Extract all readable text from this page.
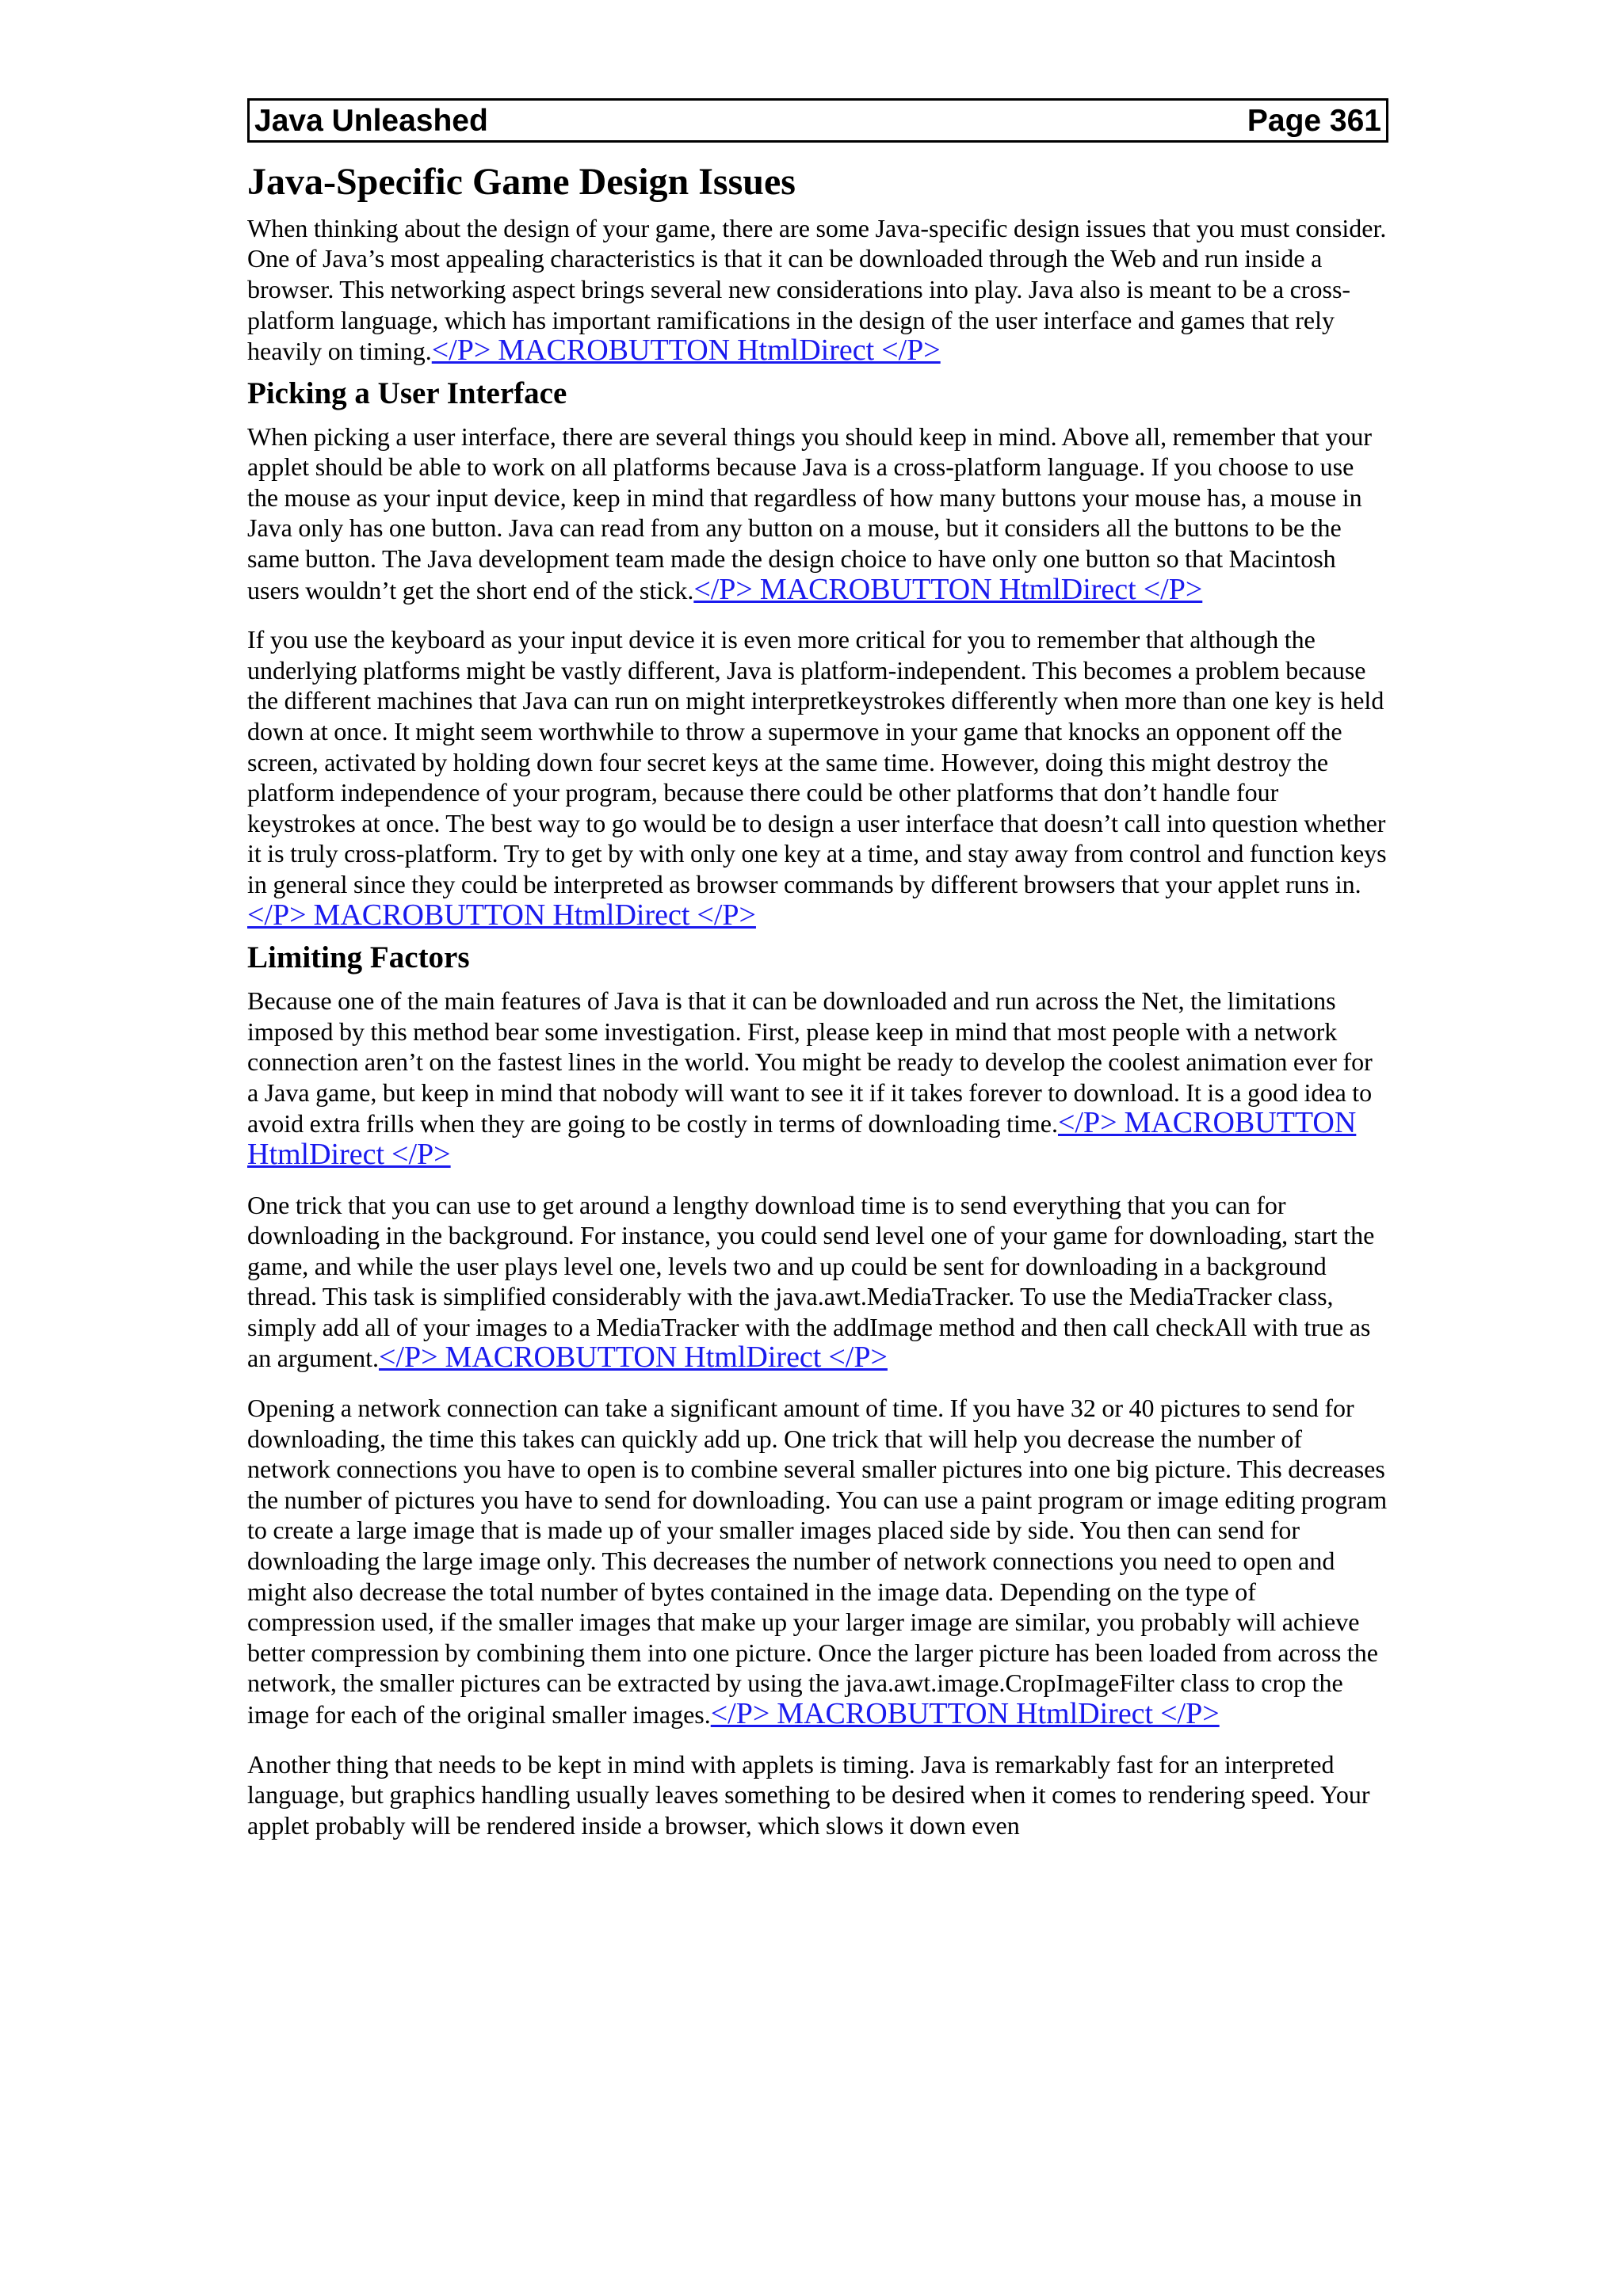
Java Unleashed	Page 361
Java-Specific Game Design Issues

When thinking about the design of your game, there are some Java-specific design issues that you must consider. One of Java’s most appealing characteristics is that it can be downloaded through the Web and run inside a browser. This networking aspect brings several new considerations into play. Java also is meant to be a cross-platform language, which has important ramifications in the design of the user interface and games that rely heavily on timing.</P> MACROBUTTON HtmlDirect </P>

Picking a User Interface

When picking a user interface, there are several things you should keep in mind. Above all, remember that your applet should be able to work on all platforms because Java is a cross-platform language. If you choose to use the mouse as your input device, keep in mind that regardless of how many buttons your mouse has, a mouse in Java only has one button. Java can read from any button on a mouse, but it considers all the buttons to be the same button. The Java development team made the design choice to have only one button so that Macintosh users wouldn’t get the short end of the stick.</P> MACROBUTTON HtmlDirect </P>

If you use the keyboard as your input device it is even more critical for you to remember that although the underlying platforms might be vastly different, Java is platform-independent. This becomes a problem because the different machines that Java can run on might interpretkeystrokes differently when more than one key is held down at once. It might seem worthwhile to throw a supermove in your game that knocks an opponent off the screen, activated by holding down four secret keys at the same time. However, doing this might destroy the platform independence of your program, because there could be other platforms that don’t handle four keystrokes at once. The best way to go would be to design a user interface that doesn’t call into question whether it is truly cross-platform. Try to get by with only one key at a time, and stay away from control and function keys in general since they could be interpreted as browser commands by different browsers that your applet runs in.</P> MACROBUTTON HtmlDirect </P>

Limiting Factors

Because one of the main features of Java is that it can be downloaded and run across the Net, the limitations imposed by this method bear some investigation. First, please keep in mind that most people with a network connection aren’t on the fastest lines in the world. You might be ready to develop the coolest animation ever for a Java game, but keep in mind that nobody will want to see it if it takes forever to download. It is a good idea to avoid extra frills when they are going to be costly in terms of downloading time.</P> MACROBUTTON HtmlDirect </P>

One trick that you can use to get around a lengthy download time is to send everything that you can for downloading in the background. For instance, you could send level one of your game for downloading, start the game, and while the user plays level one, levels two and up could be sent for downloading in a background thread. This task is simplified considerably with the java.awt.MediaTracker. To use the MediaTracker class, simply add all of your images to a MediaTracker with the addImage method and then call checkAll with true as an argument.</P> MACROBUTTON HtmlDirect </P>

Opening a network connection can take a significant amount of time. If you have 32 or 40 pictures to send for downloading, the time this takes can quickly add up. One trick that will help you decrease the number of network connections you have to open is to combine several smaller pictures into one big picture. This decreases the number of pictures you have to send for downloading. You can use a paint program or image editing program to create a large image that is made up of your smaller images placed side by side. You then can send for downloading the large image only. This decreases the number of network connections you need to open and might also decrease the total number of bytes contained in the image data. Depending on the type of compression used, if the smaller images that make up your larger image are similar, you probably will achieve better compression by combining them into one picture. Once the larger picture has been loaded from across the network, the smaller pictures can be extracted by using the java.awt.image.CropImageFilter class to crop the image for each of the original smaller images.</P> MACROBUTTON HtmlDirect </P>

Another thing that needs to be kept in mind with applets is timing. Java is remarkably fast for an interpreted language, but graphics handling usually leaves something to be desired when it comes to rendering speed. Your applet probably will be rendered inside a browser, which slows it down even
